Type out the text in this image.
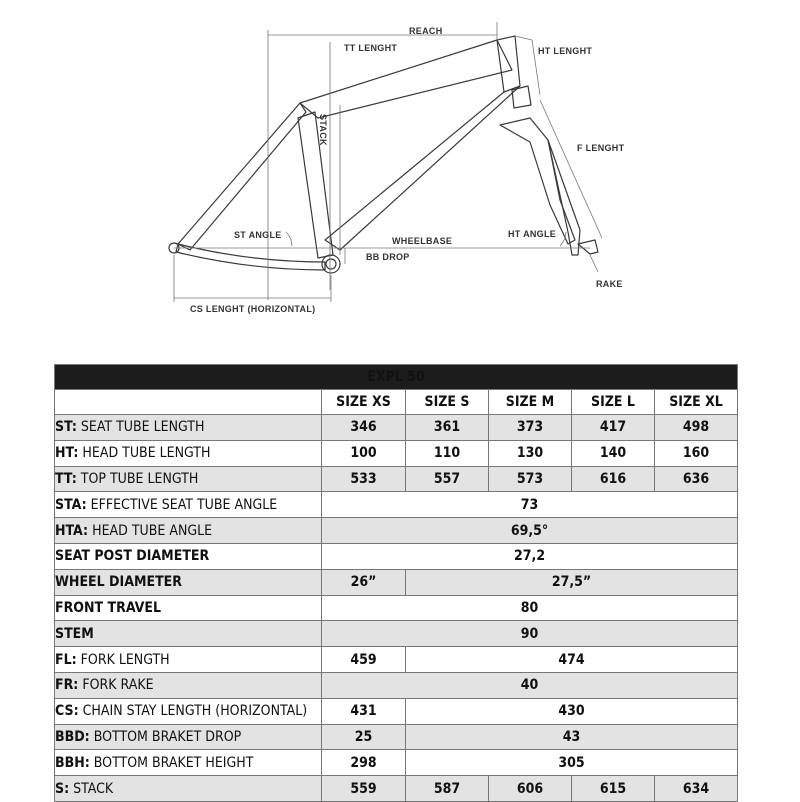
REACH
TT LENGHT	HT LENGHT
STACK
F LENGHT
ST ANGLE
WHEELBASE
HT ANGLE
BB DROP
RAKE
CS LENGHT (HORIZONTAL)
EXPL 50					
	SIZE XS	SIZE S	SIZE M	SIZE L	SIZE XL
ST: SEAT TUBE LENGTH	346	361	373	417	498
HT: HEAD TUBE LENGTH	100	110	130	140	160
TT: TOP TUBE LENGTH	533	557	573	616	636
STA: EFFECTIVE SEAT TUBE ANGLE	73				
HTA: HEAD TUBE ANGLE	69,5°				
SEAT POST DIAMETER	27,2				
WHEEL DIAMETER	26”	27,5”			
FRONT TRAVEL	80				
STEM	90				
FL: FORK LENGTH	459	474			
FR: FORK RAKE	40				
CS: CHAIN STAY LENGTH (HORIZONTAL)	431	430			
BBD: BOTTOM BRAKET DROP	25	43			
BBH: BOTTOM BRAKET HEIGHT	298	305			
S: STACK	559	587	606	615	634
